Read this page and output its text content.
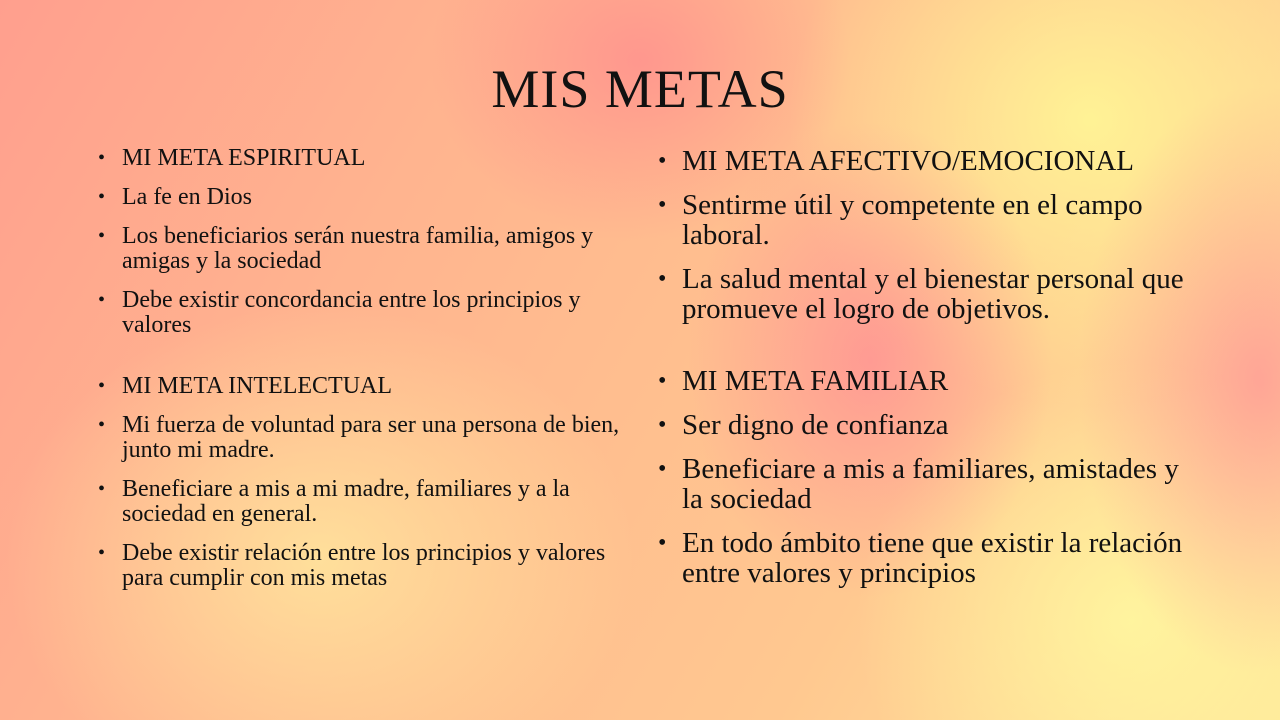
MIS METAS
• MI META ESPIRITUAL
• La fe en Dios
• Los beneficiarios serán nuestra familia, amigos y amigas y la sociedad
• Debe existir concordancia entre los principios y valores
• MI META INTELECTUAL
• Mi fuerza de voluntad para ser una persona de bien, junto mi madre.
• Beneficiare a mis a mi madre, familiares y a la sociedad en general.
• Debe existir relación entre los principios y valores para cumplir con mis metas
• MI META AFECTIVO/EMOCIONAL
• Sentirme útil y competente en el campo laboral.
• La salud mental y el bienestar personal que promueve el logro de objetivos.
• MI META FAMILIAR
• Ser digno de confianza
• Beneficiare a mis a familiares, amistades y la sociedad
• En todo ámbito tiene que existir la relación entre valores y principios
